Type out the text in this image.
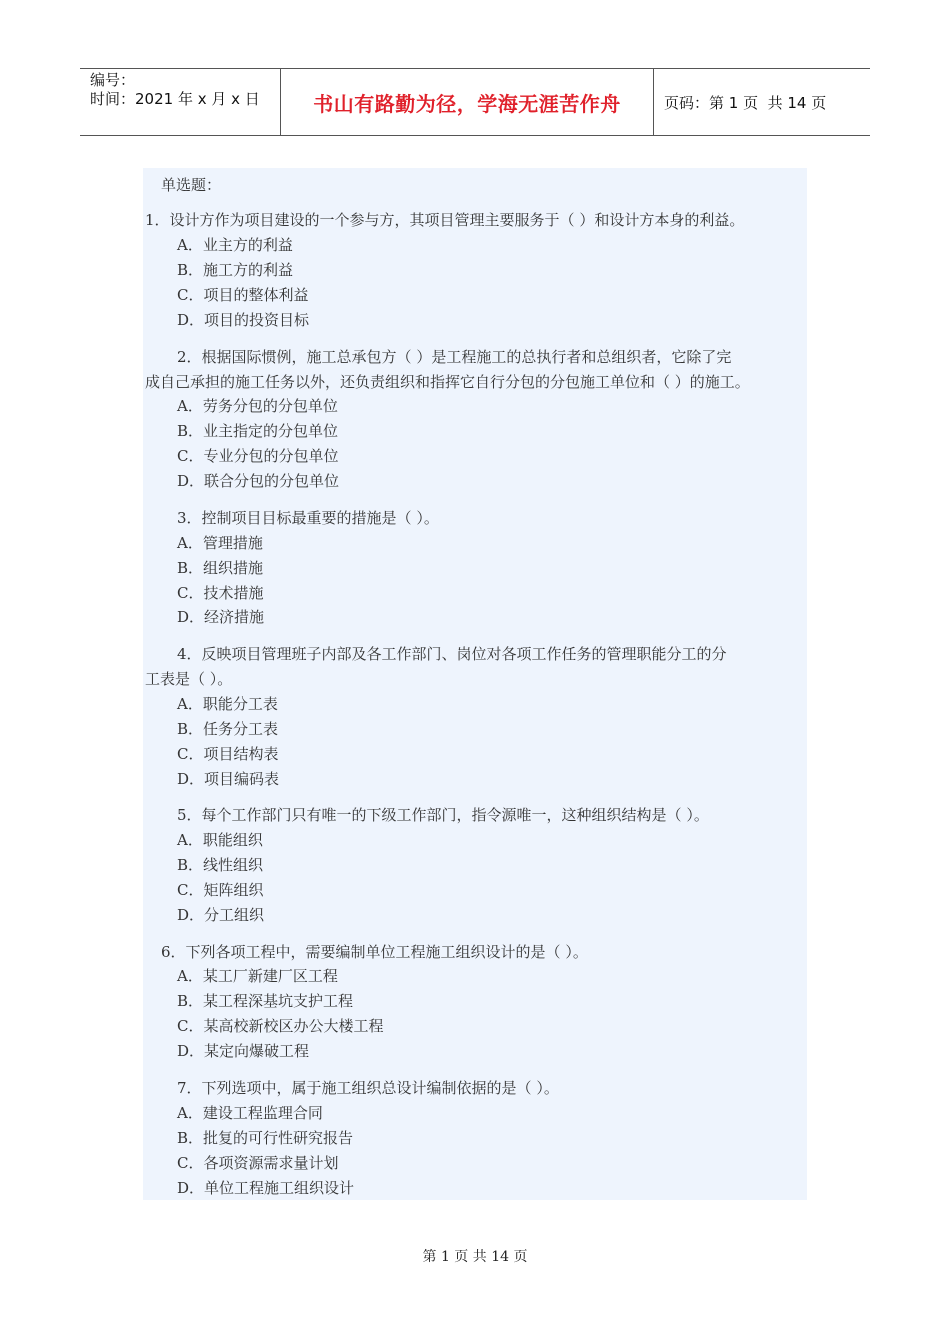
编号：
时间：2021 年 x 月 x 日	书山有路勤为径，学海无涯苦作舟	页码：第 1 页  共 14 页
单选题：
1．设计方作为项目建设的一个参与方，其项目管理主要服务于（ ）和设计方本身的利益。
A．业主方的利益
B．施工方的利益
C．项目的整体利益
D．项目的投资目标
2．根据国际惯例，施工总承包方（ ）是工程施工的总执行者和总组织者，它除了完
成自己承担的施工任务以外，还负责组织和指挥它自行分包的分包施工单位和（ ）的施工。
A．劳务分包的分包单位
B．业主指定的分包单位
C．专业分包的分包单位
D．联合分包的分包单位
3．控制项目目标最重要的措施是（ ）。
A．管理措施
B．组织措施
C．技术措施
D．经济措施
4．反映项目管理班子内部及各工作部门、岗位对各项工作任务的管理职能分工的分
工表是（ ）。
A．职能分工表
B．任务分工表
C．项目结构表
D．项目编码表
5．每个工作部门只有唯一的下级工作部门，指令源唯一，这种组织结构是（ ）。
A．职能组织
B．线性组织
C．矩阵组织
D．分工组织
6．下列各项工程中，需要编制单位工程施工组织设计的是（ ）。
A．某工厂新建厂区工程
B．某工程深基坑支护工程
C．某高校新校区办公大楼工程
D．某定向爆破工程
7．下列选项中，属于施工组织总设计编制依据的是（ ）。
A．建设工程监理合同
B．批复的可行性研究报告
C．各项资源需求量计划
D．单位工程施工组织设计
第 1 页 共 14 页
